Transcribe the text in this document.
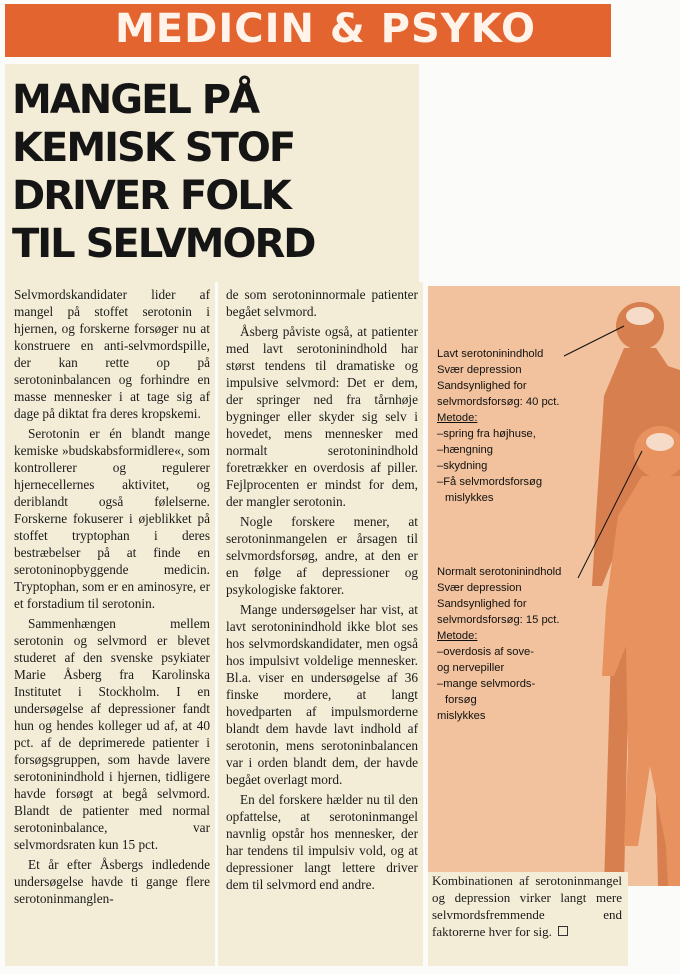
MEDICIN & PSYKO
MANGEL PÅ
KEMISK STOF
DRIVER FOLK
TIL SELVMORD

Selvmordskandidater lider af mangel på stoffet serotonin i hjernen, og forskerne forsøger nu at konstruere en anti-selvmordspille, der kan rette op på serotoninbalancen og forhindre en masse mennesker i at tage sig af dage på diktat fra deres kropskemi.

Serotonin er én blandt mange kemiske »budskabsformidlere«, som kontrollerer og regulerer hjernecellernes aktivitet, og deriblandt også følelserne. Forskerne fokuserer i øjeblikket på stoffet tryptophan i deres bestræbelser på at finde en serotoninopbyggende medicin. Tryptophan, som er en aminosyre, er et forstadium til serotonin.

Sammenhængen mellem serotonin og selvmord er blevet studeret af den svenske psykiater Marie Åsberg fra Karolinska Institutet i Stockholm. I en undersøgelse af depressioner fandt hun og hendes kolleger ud af, at 40 pct. af de deprimerede patienter i forsøgsgruppen, som havde lavere serotoninindhold i hjernen, tidligere havde forsøgt at begå selvmord. Blandt de patienter med normal serotoninbalance, var selvmordsraten kun 15 pct.

Et år efter Åsbergs indledende undersøgelse havde ti gange flere serotoninmanglen-

de som serotoninnormale patienter begået selvmord.

Åsberg påviste også, at patienter med lavt serotoninindhold har størst tendens til dramatiske og impulsive selvmord: Det er dem, der springer ned fra tårnhøje bygninger eller skyder sig selv i hovedet, mens mennesker med normalt serotoninindhold foretrækker en overdosis af piller. Fejlprocenten er mindst for dem, der mangler serotonin.

Nogle forskere mener, at serotoninmangelen er årsagen til selvmordsforsøg, andre, at den er en følge af depressioner og psykologiske faktorer.

Mange undersøgelser har vist, at lavt serotoninindhold ikke blot ses hos selvmordskandidater, men også hos impulsivt voldelige mennesker. Bl.a. viser en undersøgelse af 36 finske mordere, at langt hovedparten af impulsmorderne blandt dem havde lavt indhold af serotonin, mens serotoninbalancen var i orden blandt dem, der havde begået overlagt mord.

En del forskere hælder nu til den opfattelse, at serotoninmangel navnlig opstår hos mennesker, der har tendens til impulsiv vold, og at depressioner langt lettere driver dem til selvmord end andre.

Lavt serotoninindhold

Svær depression

Sandsynlighed for

selvmordsforsøg: 40 pct.

Metode:

–spring fra højhuse,

–hængning

–skydning

–Få selvmordsforsøg

mislykkes

Normalt serotoninindhold

Svær depression

Sandsynlighed for

selvmordsforsøg: 15 pct.

Metode:

–overdosis af sove-

og nervepiller

–mange selvmords-

forsøg

mislykkes

Kombinationen af serotoninmangel og depression virker langt mere selvmordsfremmende end faktorerne hver for sig.
